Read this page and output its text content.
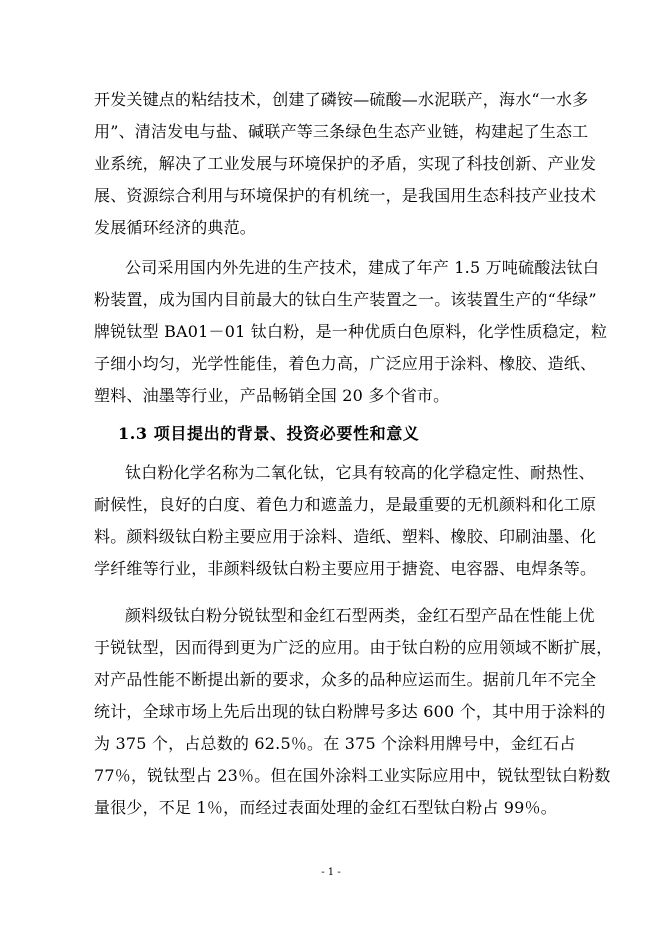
开发关键点的粘结技术，创建了磷铵—硫酸—水泥联产，海水“一水多
用”、清洁发电与盐、碱联产等三条绿色生态产业链，构建起了生态工
业系统，解决了工业发展与环境保护的矛盾，实现了科技创新、产业发
展、资源综合利用与环境保护的有机统一，是我国用生态科技产业技术
发展循环经济的典范。
公司采用国内外先进的生产技术，建成了年产 1.5 万吨硫酸法钛白
粉装置，成为国内目前最大的钛白生产装置之一。该装置生产的“华绿”
牌锐钛型 BA01－01 钛白粉，是一种优质白色原料，化学性质稳定，粒
子细小均匀，光学性能佳，着色力高，广泛应用于涂料、橡胶、造纸、
塑料、油墨等行业，产品畅销全国 20 多个省市。
1.3 项目提出的背景、投资必要性和意义
钛白粉化学名称为二氧化钛，它具有较高的化学稳定性、耐热性、
耐候性，良好的白度、着色力和遮盖力，是最重要的无机颜料和化工原
料。颜料级钛白粉主要应用于涂料、造纸、塑料、橡胶、印刷油墨、化
学纤维等行业，非颜料级钛白粉主要应用于搪瓷、电容器、电焊条等。
颜料级钛白粉分锐钛型和金红石型两类，金红石型产品在性能上优
于锐钛型，因而得到更为广泛的应用。由于钛白粉的应用领域不断扩展，
对产品性能不断提出新的要求，众多的品种应运而生。据前几年不完全
统计，全球市场上先后出现的钛白粉牌号多达 600 个，其中用于涂料的
为 375 个，占总数的 62.5％。在 375 个涂料用牌号中，金红石占
77％，锐钛型占 23％。但在国外涂料工业实际应用中，锐钛型钛白粉数
量很少，不足 1％，而经过表面处理的金红石型钛白粉占 99％。
- 1 -
